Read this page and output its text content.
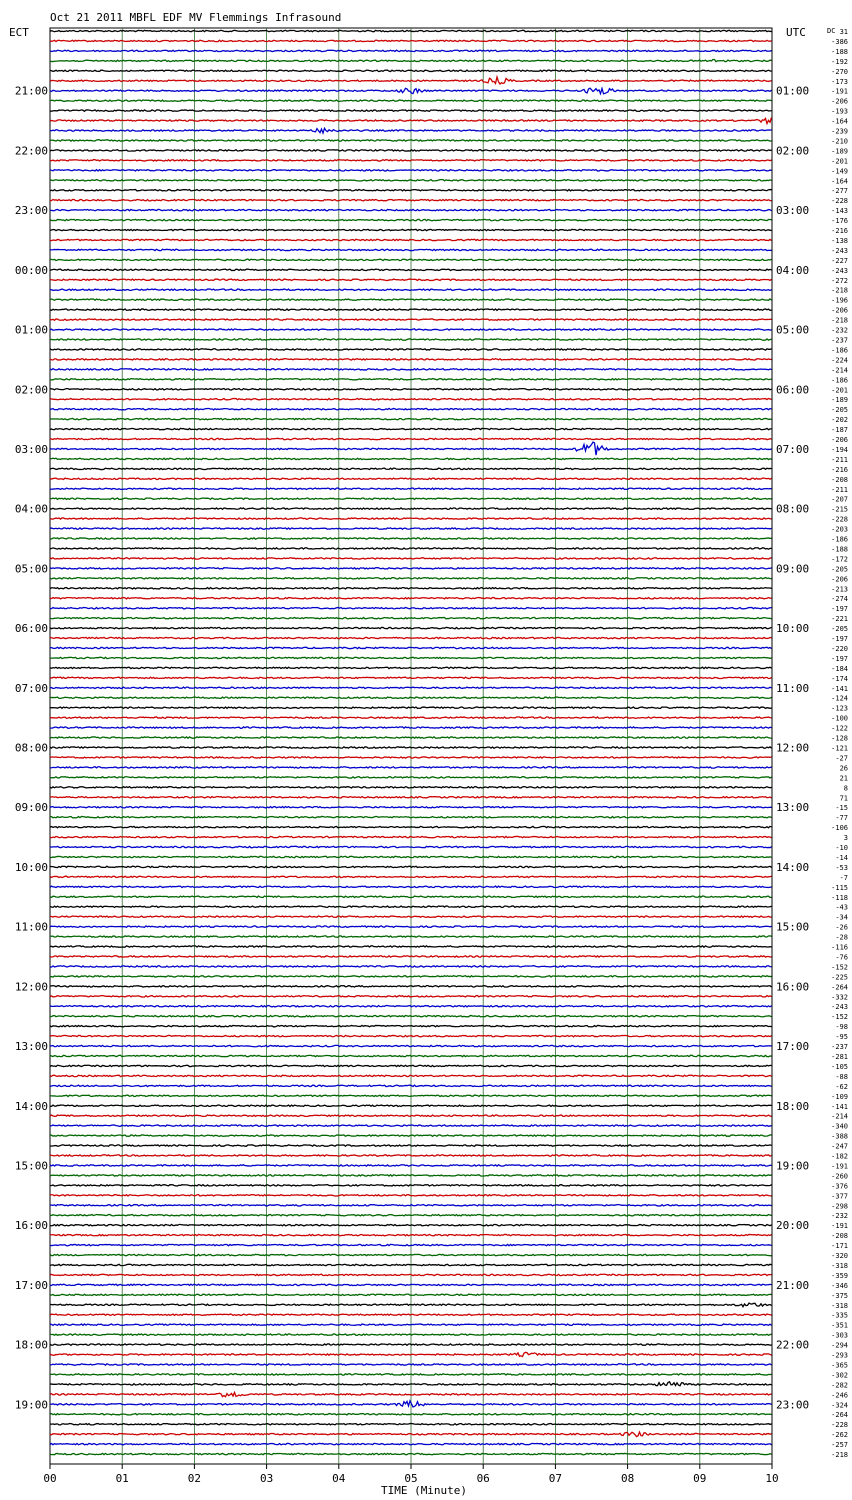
Oct 21 2011 MBFL EDF MV Flemmings Infrasound
ECT	UTC	DC
TIME (Minute)
00	01	02	03	04	05	06	07	08	09	10
31
-386
-188
-192
-270
-173
-191
-206
-193
-164
-239
-210
-189
-201
-149
-164
-277
-228
-143
-176
-216
-138
-243
-227
-243
-272
-218
-196
-206
-218
-232
-237
-186
-224
-214
-186
-201
-189
-205
-202
-187
-206
-194
-211
-216
-208
-211
-207
-215
-228
-203
-186
-188
-172
-205
-206
-213
-274
-197
-221
-205
-197
-220
-197
-184
-174
-141
-124
-123
-100
-122
-128
-121
-27
26
21
8
71
-15
-77
-106
3
-10
-14
-53
-7
-115
-118
-43
-34
-26
-28
-116
-76
-152
-225
-264
-332
-243
-152
-98
-95
-237
-281
-105
-88
-62
-109
-141
-214
-340
-388
-247
-182
-191
-260
-376
-377
-298
-232
-191
-208
-171
-320
-318
-359
-346
-375
-318
-335
-351
-303
-294
-293
-365
-302
-282
-246
-324
-264
-228
-262
-257
-218
21:00	01:00
22:00	02:00
23:00	03:00
00:00	04:00
01:00	05:00
02:00	06:00
03:00	07:00
04:00	08:00
05:00	09:00
06:00	10:00
07:00	11:00
08:00	12:00
09:00	13:00
10:00	14:00
11:00	15:00
12:00	16:00
13:00	17:00
14:00	18:00
15:00	19:00
16:00	20:00
17:00	21:00
18:00	22:00
19:00	23:00
